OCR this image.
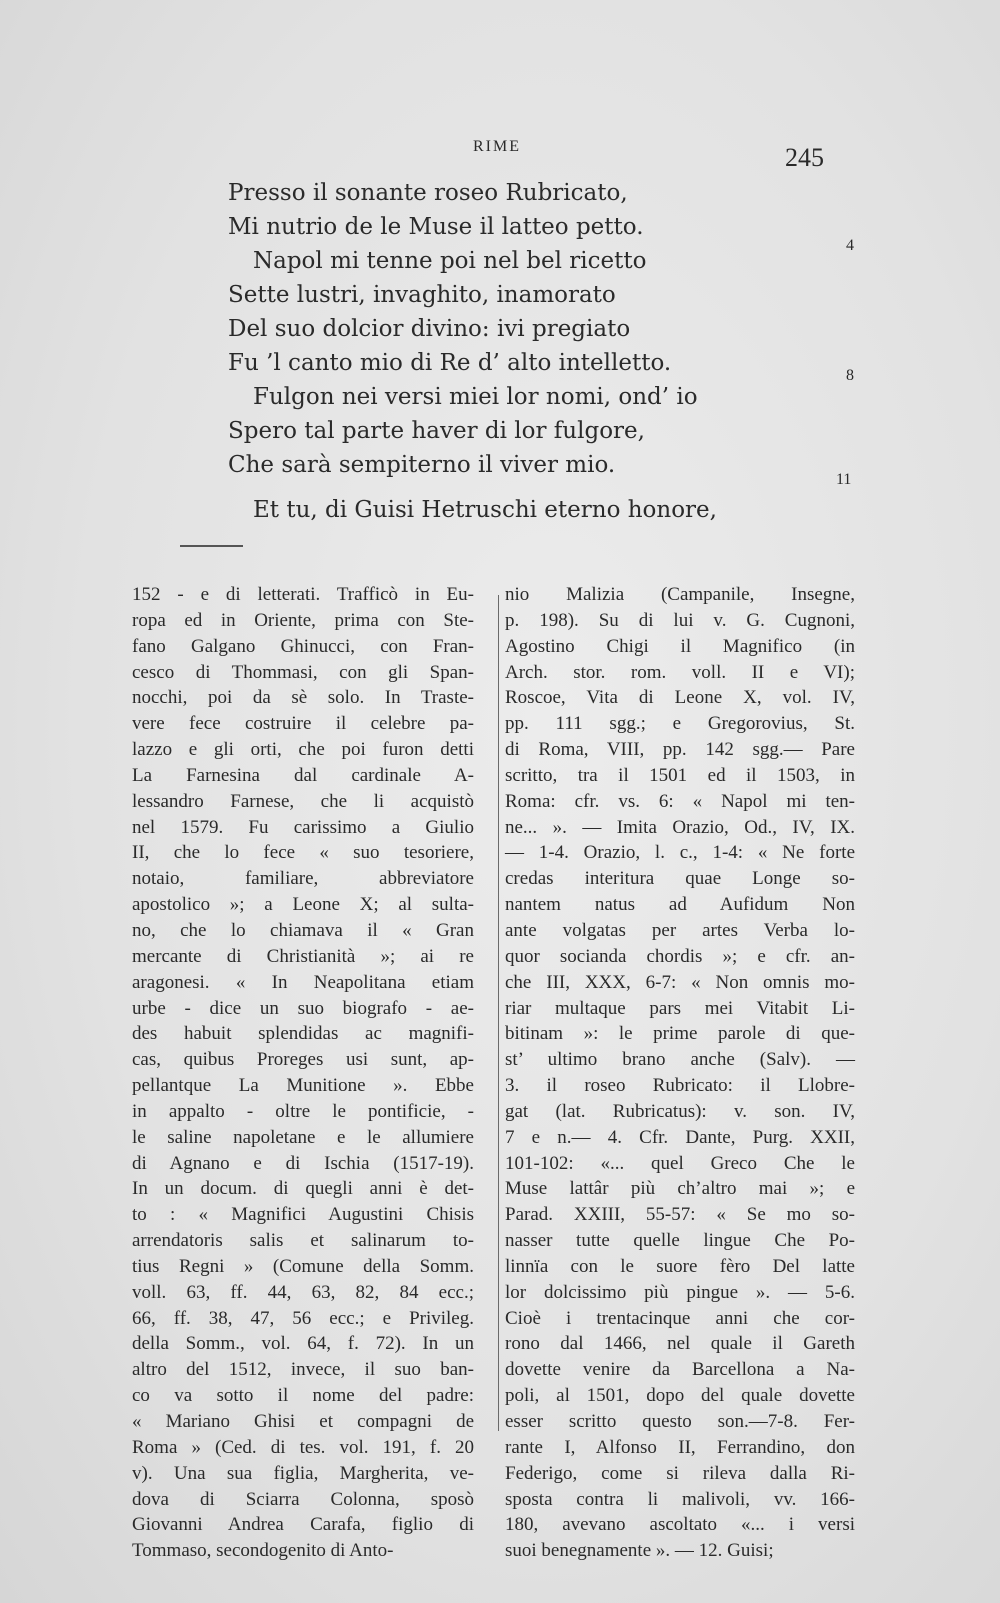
RIME	245
Presso il sonante roseo Rubricato,
Mi nutrio de le Muse il latteo petto.
Napol mi tenne poi nel bel ricetto
Sette lustri, invaghito, inamorato
Del suo dolcior divino: ivi pregiato
Fu ’l canto mio di Re d’ alto intelletto.
Fulgon nei versi miei lor nomi, ond’ io
Spero tal parte haver di lor fulgore,
Che sarà sempiterno il viver mio.
Et tu, di Guisi Hetruschi eterno honore,
4
8
11
152 - e di letterati. Trafficò in Eu-
ropa ed in Oriente, prima con Ste-
fano Galgano Ghinucci, con Fran-
cesco di Thommasi, con gli Span-
nocchi, poi da sè solo. In Traste-
vere fece costruire il celebre pa-
lazzo e gli orti, che poi furon detti
La Farnesina dal cardinale A-
lessandro Farnese, che li acquistò
nel 1579. Fu carissimo a Giulio
II, che lo fece « suo tesoriere,
notaio, familiare, abbreviatore
apostolico »; a Leone X; al sulta-
no, che lo chiamava il « Gran
mercante di Christianità »; ai re
aragonesi. « In Neapolitana etiam
urbe - dice un suo biografo - ae-
des habuit splendidas ac magnifi-
cas, quibus Proreges usi sunt, ap-
pellantque La Munitione ». Ebbe
in appalto - oltre le pontificie, -
le saline napoletane e le allumiere
di Agnano e di Ischia (1517-19).
In un docum. di quegli anni è det-
to : « Magnifici Augustini Chisis
arrendatoris salis et salinarum to-
tius Regni » (Comune della Somm.
voll. 63, ff. 44, 63, 82, 84 ecc.;
66, ff. 38, 47, 56 ecc.; e Privileg.
della Somm., vol. 64, f. 72). In un
altro del 1512, invece, il suo ban-
co va sotto il nome del padre:
« Mariano Ghisi et compagni de
Roma » (Ced. di tes. vol. 191, f. 20
v). Una sua figlia, Margherita, ve-
dova di Sciarra Colonna, sposò
Giovanni Andrea Carafa, figlio di
Tommaso, secondogenito di Anto-
nio Malizia (Campanile, Insegne,
p. 198). Su di lui v. G. Cugnoni,
Agostino Chigi il Magnifico (in
Arch. stor. rom. voll. II e VI);
Roscoe, Vita di Leone X, vol. IV,
pp. 111 sgg.; e Gregorovius, St.
di Roma, VIII, pp. 142 sgg.— Pare
scritto, tra il 1501 ed il 1503, in
Roma: cfr. vs. 6: « Napol mi ten-
ne... ». — Imita Orazio, Od., IV, IX.
— 1-4. Orazio, l. c., 1-4: « Ne forte
credas interitura quae Longe so-
nantem natus ad Aufidum Non
ante volgatas per artes Verba lo-
quor socianda chordis »; e cfr. an-
che III, XXX, 6-7: « Non omnis mo-
riar multaque pars mei Vitabit Li-
bitinam »: le prime parole di que-
st’ ultimo brano anche (Salv). —
3. il roseo Rubricato: il Llobre-
gat (lat. Rubricatus): v. son. IV,
7 e n.— 4. Cfr. Dante, Purg. XXII,
101-102: «... quel Greco Che le
Muse lattâr più ch’altro mai »; e
Parad. XXIII, 55-57: « Se mo so-
nasser tutte quelle lingue Che Po-
linnïa con le suore fèro Del latte
lor dolcissimo più pingue ». — 5-6.
Cioè i trentacinque anni che cor-
rono dal 1466, nel quale il Gareth
dovette venire da Barcellona a Na-
poli, al 1501, dopo del quale dovette
esser scritto questo son.—7-8. Fer-
rante I, Alfonso II, Ferrandino, don
Federigo, come si rileva dalla Ri-
sposta contra li malivoli, vv. 166-
180, avevano ascoltato «... i versi
suoi benegnamente ». — 12. Guisi;
